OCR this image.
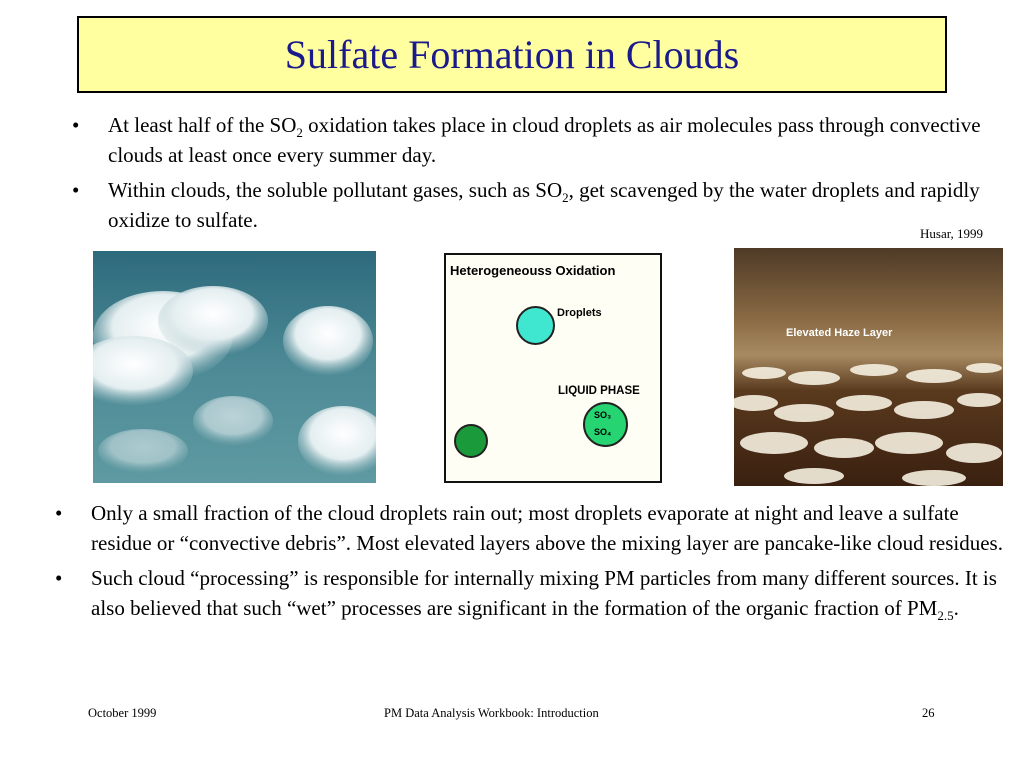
Sulfate Formation in Clouds
• At least half of the $SO_2$ oxidation takes place in cloud droplets as air molecules pass through convective clouds at least once every summer day.
• Within clouds, the soluble pollutant gases, such as $SO_2$, get scavenged by the water droplets and rapidly oxidize to sulfate.
Husar, 1999
Heterogeneouss Oxidation
Droplets
LIQUID PHASE
SO₃
SO₄
Elevated Haze Layer
• Only a small fraction of the cloud droplets rain out; most droplets evaporate at night and leave a sulfate residue or “convective debris”. Most elevated layers above the mixing layer are pancake-like cloud residues.
• Such cloud “processing” is responsible for internally mixing PM particles from many different sources. It is also believed that such “wet” processes are significant in the formation of the organic fraction of $PM_{2.5}$.
October 1999	PM Data Analysis Workbook: Introduction	26
